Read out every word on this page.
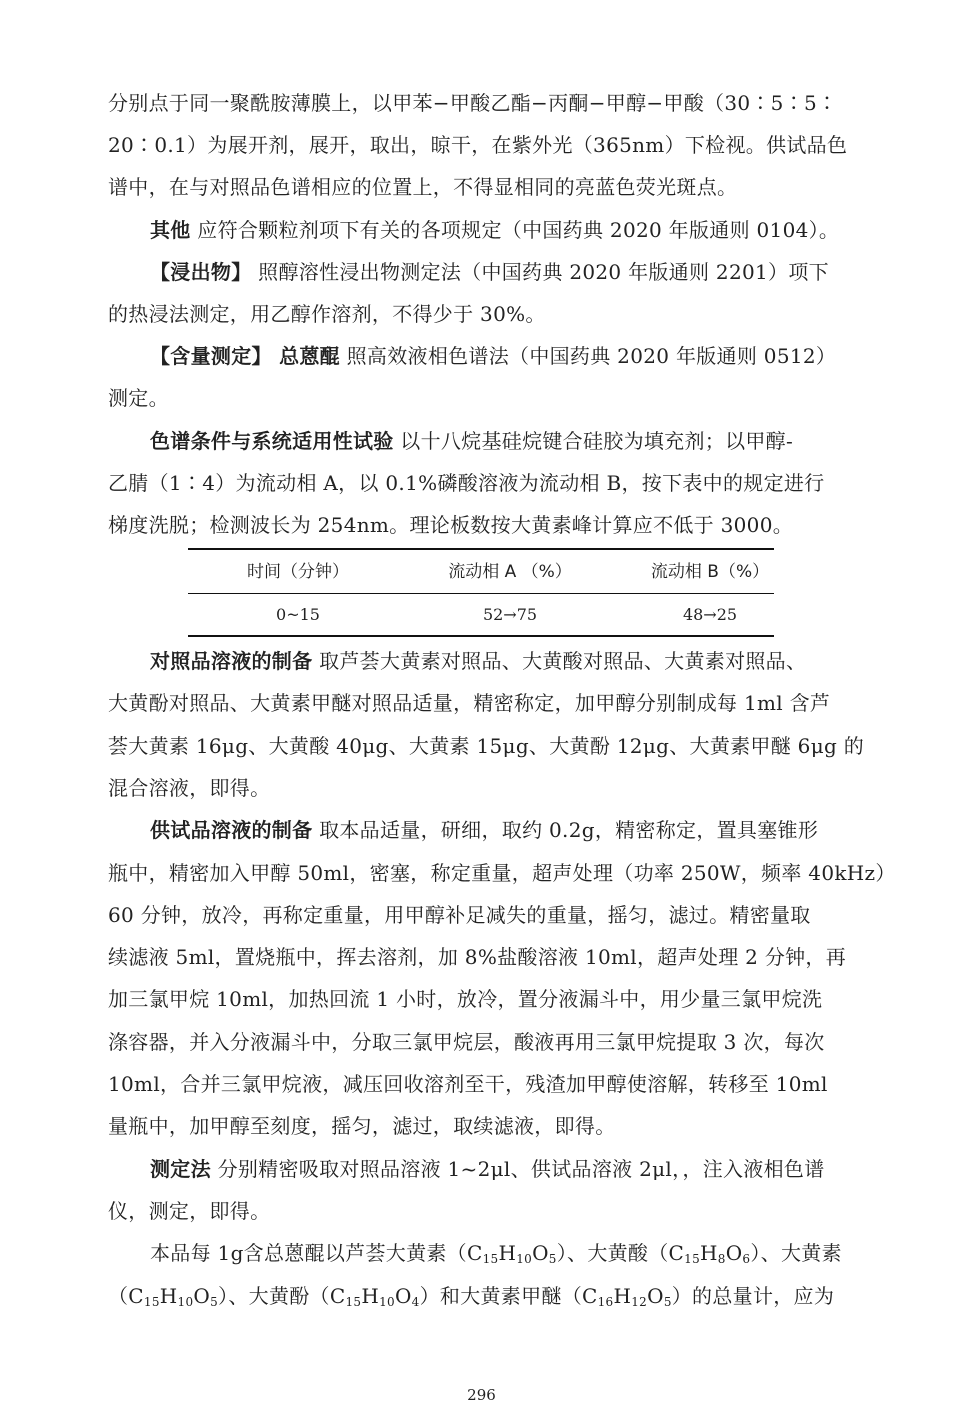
分别点于同一聚酰胺薄膜上，以甲苯−甲酸乙酯−丙酮−甲醇−甲酸（30∶5∶5∶
20∶0.1）为展开剂，展开，取出，晾干，在紫外光（365nm）下检视。供试品色
谱中，在与对照品色谱相应的位置上，不得显相同的亮蓝色荧光斑点。
其他 应符合颗粒剂项下有关的各项规定（中国药典 2020 年版通则 0104）。
【浸出物】 照醇溶性浸出物测定法（中国药典 2020 年版通则 2201）项下
的热浸法测定，用乙醇作溶剂，不得少于 30%。
【含量测定】 总蒽醌 照高效液相色谱法（中国药典 2020 年版通则 0512）
测定。
色谱条件与系统适用性试验 以十八烷基硅烷键合硅胶为填充剂；以甲醇-
乙腈（1∶4）为流动相 A，以 0.1%磷酸溶液为流动相 B，按下表中的规定进行
梯度洗脱；检测波长为 254nm。理论板数按大黄素峰计算应不低于 3000。
时间（分钟）	流动相 A （%）	流动相 B（%）
0~15	52→75	48→25
对照品溶液的制备 取芦荟大黄素对照品、大黄酸对照品、大黄素对照品、
大黄酚对照品、大黄素甲醚对照品适量，精密称定，加甲醇分别制成每 1ml 含芦
荟大黄素 16μg、大黄酸 40μg、大黄素 15μg、大黄酚 12μg、大黄素甲醚 6μg 的
混合溶液，即得。
供试品溶液的制备 取本品适量，研细，取约 0.2g，精密称定，置具塞锥形
瓶中，精密加入甲醇 50ml，密塞，称定重量，超声处理（功率 250W，频率 40kHz）
60 分钟，放冷，再称定重量，用甲醇补足减失的重量，摇匀，滤过。精密量取
续滤液 5ml，置烧瓶中，挥去溶剂，加 8%盐酸溶液 10ml，超声处理 2 分钟，再
加三氯甲烷 10ml，加热回流 1 小时，放冷，置分液漏斗中，用少量三氯甲烷洗
涤容器，并入分液漏斗中，分取三氯甲烷层，酸液再用三氯甲烷提取 3 次，每次
10ml，合并三氯甲烷液，减压回收溶剂至干，残渣加甲醇使溶解，转移至 10ml
量瓶中，加甲醇至刻度，摇匀，滤过，取续滤液，即得。
测定法 分别精密吸取对照品溶液 1~2μl、供试品溶液 2μl，，注入液相色谱
仪，测定，即得。
本品每 1g含总蒽醌以芦荟大黄素$(C_{15}H_{10}O_5)$、大黄酸$(C_{15}H_8O_6)$、大黄素
$(C_{15}H_{10}O_5)$、大黄酚$(C_{15}H_{10}O_4)$和大黄素甲醚$(C_{16}H_{12}O_5)$的总量计，应为
296
